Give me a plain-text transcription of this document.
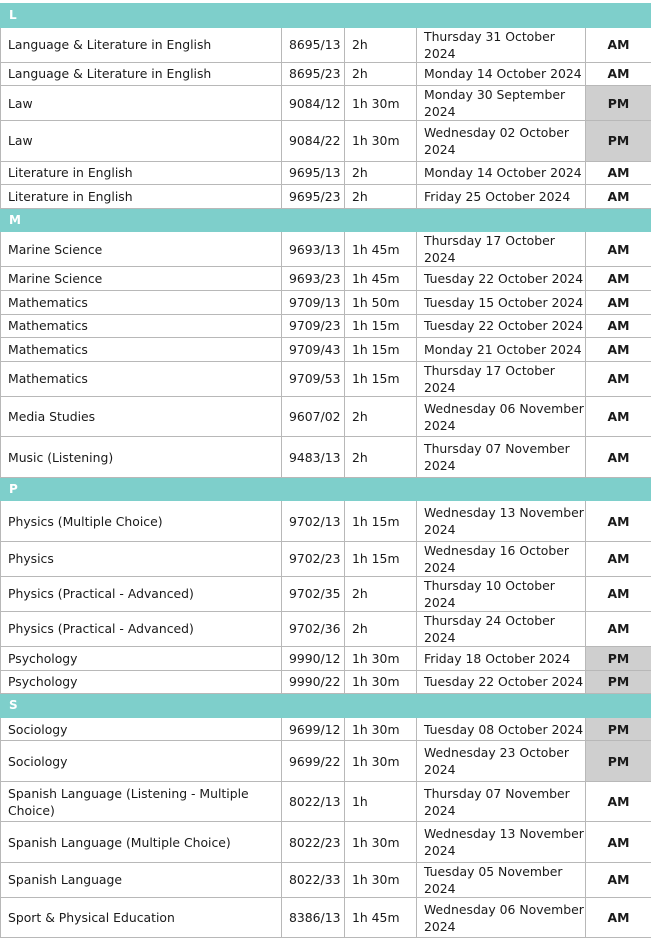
L				
Language & Literature in English	8695/13	2h	Thursday 31 October 2024	AM
Language & Literature in English	8695/23	2h	Monday 14 October 2024	AM
Law	9084/12	1h 30m	Monday 30 September 2024	PM
Law	9084/22	1h 30m	Wednesday 02 October 2024	PM
Literature in English	9695/13	2h	Monday 14 October 2024	AM
Literature in English	9695/23	2h	Friday 25 October 2024	AM
M				
Marine Science	9693/13	1h 45m	Thursday 17 October 2024	AM
Marine Science	9693/23	1h 45m	Tuesday 22 October 2024	AM
Mathematics	9709/13	1h 50m	Tuesday 15 October 2024	AM
Mathematics	9709/23	1h 15m	Tuesday 22 October 2024	AM
Mathematics	9709/43	1h 15m	Monday 21 October 2024	AM
Mathematics	9709/53	1h 15m	Thursday 17 October 2024	AM
Media Studies	9607/02	2h	Wednesday 06 November 2024	AM
Music (Listening)	9483/13	2h	Thursday 07 November 2024	AM
P				
Physics (Multiple Choice)	9702/13	1h 15m	Wednesday 13 November 2024	AM
Physics	9702/23	1h 15m	Wednesday 16 October 2024	AM
Physics (Practical - Advanced)	9702/35	2h	Thursday 10 October 2024	AM
Physics (Practical - Advanced)	9702/36	2h	Thursday 24 October 2024	AM
Psychology	9990/12	1h 30m	Friday 18 October 2024	PM
Psychology	9990/22	1h 30m	Tuesday 22 October 2024	PM
S				
Sociology	9699/12	1h 30m	Tuesday 08 October 2024	PM
Sociology	9699/22	1h 30m	Wednesday 23 October 2024	PM
Spanish Language (Listening - Multiple Choice)	8022/13	1h	Thursday 07 November 2024	AM
Spanish Language (Multiple Choice)	8022/23	1h 30m	Wednesday 13 November 2024	AM
Spanish Language	8022/33	1h 30m	Tuesday 05 November 2024	AM
Sport & Physical Education	8386/13	1h 45m	Wednesday 06 November 2024	AM
